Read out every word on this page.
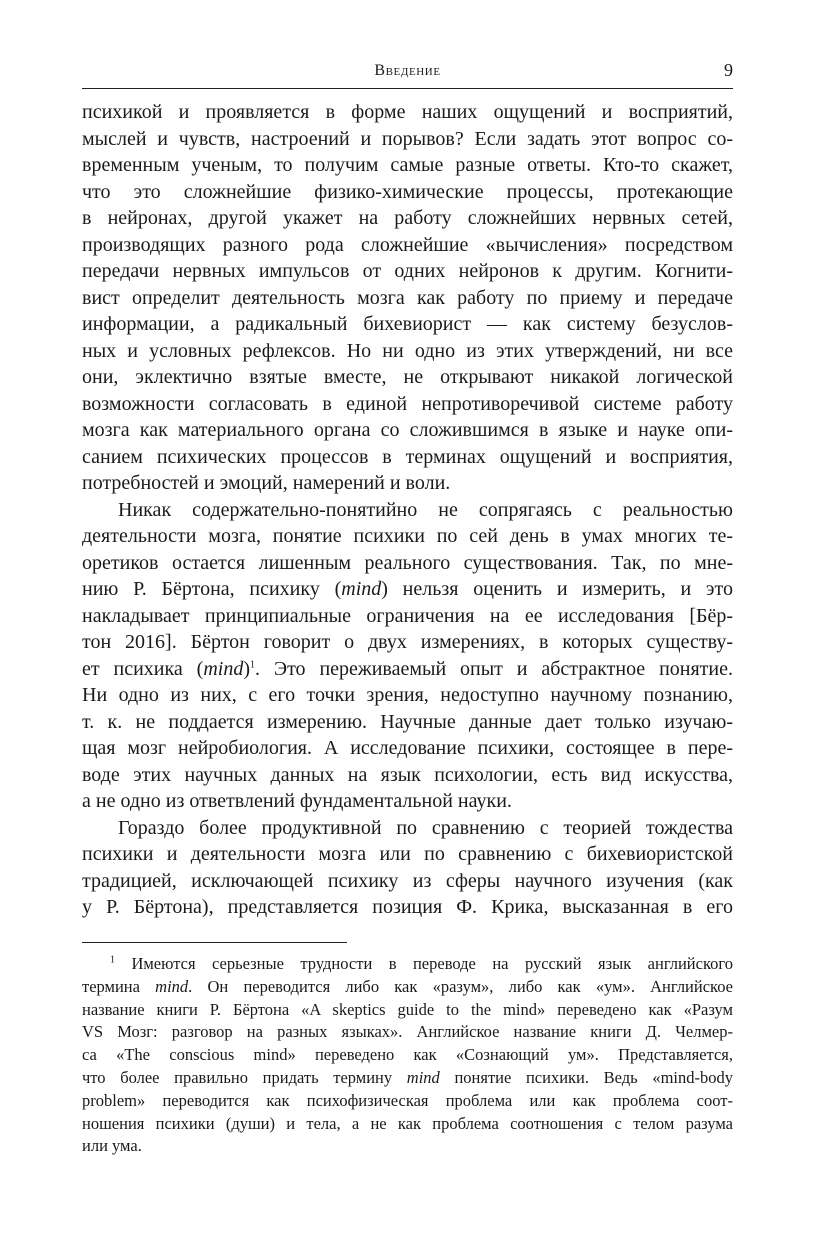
Введение	9
психикой и проявляется в форме наших ощущений и восприятий,
мыслей и чувств, настроений и порывов? Если задать этот вопрос со-
временным ученым, то получим самые разные ответы. Кто-то скажет,
что это сложнейшие физико-химические процессы, протекающие
в нейронах, другой укажет на работу сложнейших нервных сетей,
производящих разного рода сложнейшие «вычисления» посредством
передачи нервных импульсов от одних нейронов к другим. Когнити-
вист определит деятельность мозга как работу по приему и передаче
информации, а радикальный бихевиорист — как систему безуслов-
ных и условных рефлексов. Но ни одно из этих утверждений, ни все
они, эклектично взятые вместе, не открывают никакой логической
возможности согласовать в единой непротиворечивой системе работу
мозга как материального органа со сложившимся в языке и науке опи-
санием психических процессов в терминах ощущений и восприятия,
потребностей и эмоций, намерений и воли.
Никак содержательно-понятийно не сопрягаясь с реальностью
деятельности мозга, понятие психики по сей день в умах многих те-
оретиков остается лишенным реального существования. Так, по мне-
нию Р. Бёртона, психику (mind) нельзя оценить и измерить, и это
накладывает принципиальные ограничения на ее исследования [Бёр-
тон 2016]. Бёртон говорит о двух измерениях, в которых существу-
ет психика $(\min d)^1$. Это переживаемый опыт и абстрактное понятие.
Ни одно из них, с его точки зрения, недоступно научному познанию,
т. к. не поддается измерению. Научные данные дает только изучаю-
щая мозг нейробиология. А исследование психики, состоящее в пере-
воде этих научных данных на язык психологии, есть вид искусства,
а не одно из ответвлений фундаментальной науки.
Гораздо более продуктивной по сравнению с теорией тождества
психики и деятельности мозга или по сравнению с бихевиористской
традицией, исключающей психику из сферы научного изучения (как
у Р. Бёртона), представляется позиция Ф. Крика, высказанная в его
$^1$ Имеются серьезные трудности в переводе на русский язык английского
термина mind. Он переводится либо как «разум», либо как «ум». Английское
название книги Р. Бёртона «A skeptics guide to the mind» переведено как «Разум
VS Мозг: разговор на разных языках». Английское название книги Д. Челмер-
са «The conscious mind» переведено как «Сознающий ум». Представляется,
что более правильно придать термину mind понятие психики. Ведь «mind-body
problem» переводится как психофизическая проблема или как проблема соот-
ношения психики (души) и тела, а не как проблема соотношения с телом разума
или ума.
